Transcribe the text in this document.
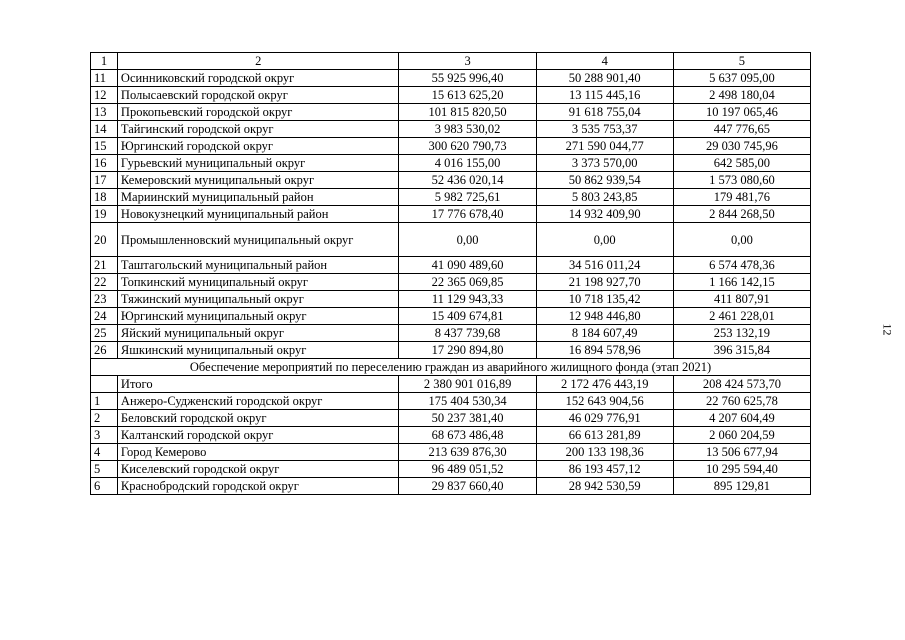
1	2	3	4	5
11	Осинниковский городской округ	55 925 996,40	50 288 901,40	5 637 095,00
12	Полысаевский городской округ	15 613 625,20	13 115 445,16	2 498 180,04
13	Прокопьевский городской округ	101 815 820,50	91 618 755,04	10 197 065,46
14	Тайгинский городской округ	3 983 530,02	3 535 753,37	447 776,65
15	Юргинский городской округ	300 620 790,73	271 590 044,77	29 030 745,96
16	Гурьевский муниципальный округ	4 016 155,00	3 373 570,00	642 585,00
17	Кемеровский муниципальный округ	52 436 020,14	50 862 939,54	1 573 080,60
18	Мариинский муниципальный район	5 982 725,61	5 803 243,85	179 481,76
19	Новокузнецкий муниципальный район	17 776 678,40	14 932 409,90	2 844 268,50
20	Промышленновский муниципальный округ	0,00	0,00	0,00
21	Таштагольский муниципальный район	41 090 489,60	34 516 011,24	6 574 478,36
22	Топкинский муниципальный округ	22 365 069,85	21 198 927,70	1 166 142,15
23	Тяжинский муниципальный округ	11 129 943,33	10 718 135,42	411 807,91
24	Юргинский муниципальный округ	15 409 674,81	12 948 446,80	2 461 228,01
25	Яйский муниципальный округ	8 437 739,68	8 184 607,49	253 132,19
26	Яшкинский муниципальный округ	17 290 894,80	16 894 578,96	396 315,84
Обеспечение мероприятий по переселению граждан из аварийного жилищного фонда (этап 2021)				
	Итого	2 380 901 016,89	2 172 476 443,19	208 424 573,70
1	Анжеро-Судженский городской округ	175 404 530,34	152 643 904,56	22 760 625,78
2	Беловский городской округ	50 237 381,40	46 029 776,91	4 207 604,49
3	Калтанский городской округ	68 673 486,48	66 613 281,89	2 060 204,59
4	Город Кемерово	213 639 876,30	200 133 198,36	13 506 677,94
5	Киселевский городской округ	96 489 051,52	86 193 457,12	10 295 594,40
6	Краснобродский городской округ	29 837 660,40	28 942 530,59	895 129,81
12
